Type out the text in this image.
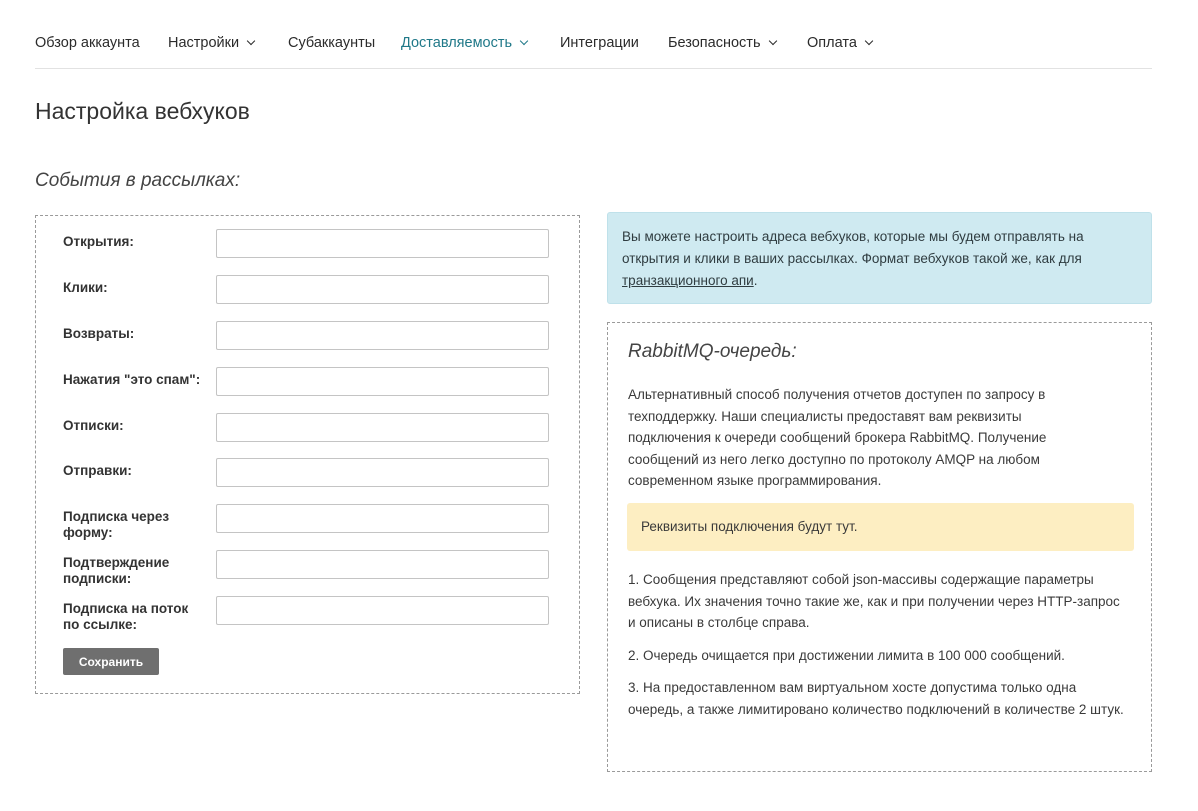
Обзор аккаунта Настройки	Субаккаунты Доставляемость	Интеграции Безопасность	Оплата
Настройка вебхуков
События в рассылках:
Открытия:
Клики:
Возвраты:
Нажатия "это спам":
Отписки:
Отправки:
Подписка через форму:
Подтверждение подписки:
Подписка на поток по ссылке:
Сохранить
Вы можете настроить адреса вебхуков, которые мы будем отправлять на открытия и клики в ваших рассылках. Формат вебхуков такой же, как для транзакционного апи.
RabbitMQ-очередь:

Альтернативный способ получения отчетов доступен по запросу в техподдержку. Наши специалисты предоставят вам реквизиты подключения к очереди сообщений брокера RabbitMQ. Получение сообщений из него легко доступно по протоколу AMQP на любом современном языке программирования.

Реквизиты подключения будут тут.

1. Сообщения представляют собой json-массивы содержащие параметры вебхука. Их значения точно такие же, как и при получении через HTTP-запрос и описаны в столбце справа.

2. Очередь очищается при достижении лимита в 100 000 сообщений.

3. На предоставленном вам виртуальном хосте допустима только одна очередь, а также лимитировано количество подключений в количестве 2 штук.
